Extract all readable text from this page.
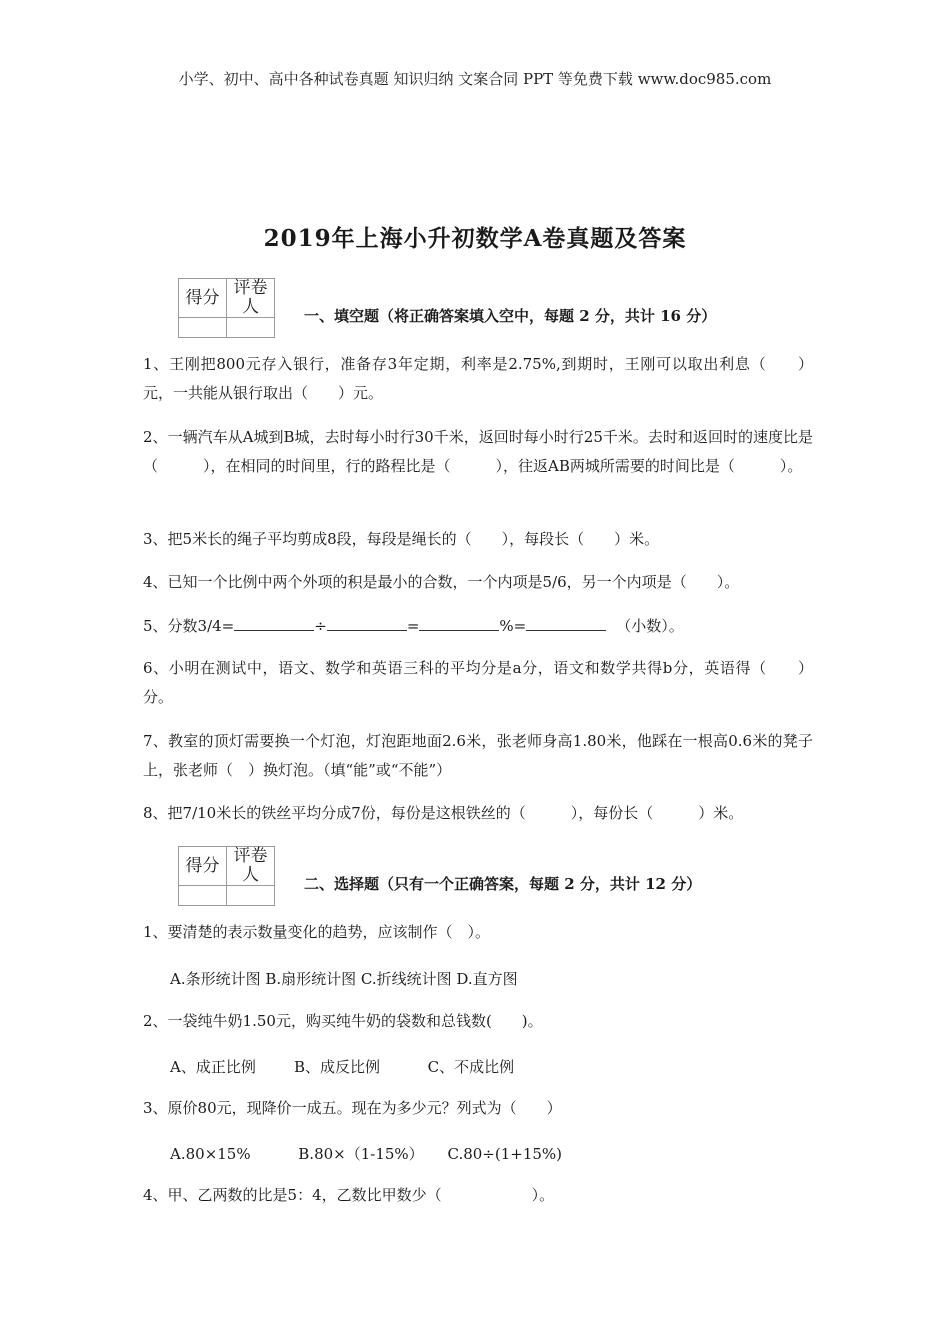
小学、初中、高中各种试卷真题 知识归纳 文案合同 PPT 等免费下载 www.doc985.com
2019年上海小升初数学A卷真题及答案
得分	评卷人
		一、填空题（将正确答案填入空中，每题 2 分，共计 16 分）
1、王刚把800元存入银行，准备存3年定期，利率是2.75%,到期时，王刚可以取出利息（　　）元，一共能从银行取出（　　）元。
2、一辆汽车从A城到B城，去时每小时行30千米，返回时每小时行25千米。去时和返回时的速度比是（　　　），在相同的时间里，行的路程比是（　　　），往返AB两城所需要的时间比是（　　　）。
3、把5米长的绳子平均剪成8段，每段是绳长的（　　），每段长（　　）米。
4、已知一个比例中两个外项的积是最小的合数，一个内项是5/6，另一个内项是（　　）。
5、分数3/4=	÷	=	%=	（小数）。
6、小明在测试中，语文、数学和英语三科的平均分是a分，语文和数学共得b分，英语得（　　）分。
7、教室的顶灯需要换一个灯泡，灯泡距地面2.6米，张老师身高1.80米，他踩在一根高0.6米的凳子上，张老师（　）换灯泡。（填“能”或“不能”）
8、把7/10米长的铁丝平均分成7份，每份是这根铁丝的（　　　），每份长（　　　）米。
得分	评卷人
		二、选择题（只有一个正确答案，每题 2 分，共计 12 分）
1、要清楚的表示数量变化的趋势，应该制作（　）。
A.条形统计图 B.扇形统计图 C.折线统计图 D.直方图
2、一袋纯牛奶1.50元，购买纯牛奶的袋数和总钱数(　　)。
A、成正比例        B、成反比例          C、不成比例
3、原价80元，现降价一成五。现在为多少元？列式为（　　）
A.80×15%          B.80×（1-15%）     C.80÷(1+15%)
4、甲、乙两数的比是5：4，乙数比甲数少（　　　　　　）。
